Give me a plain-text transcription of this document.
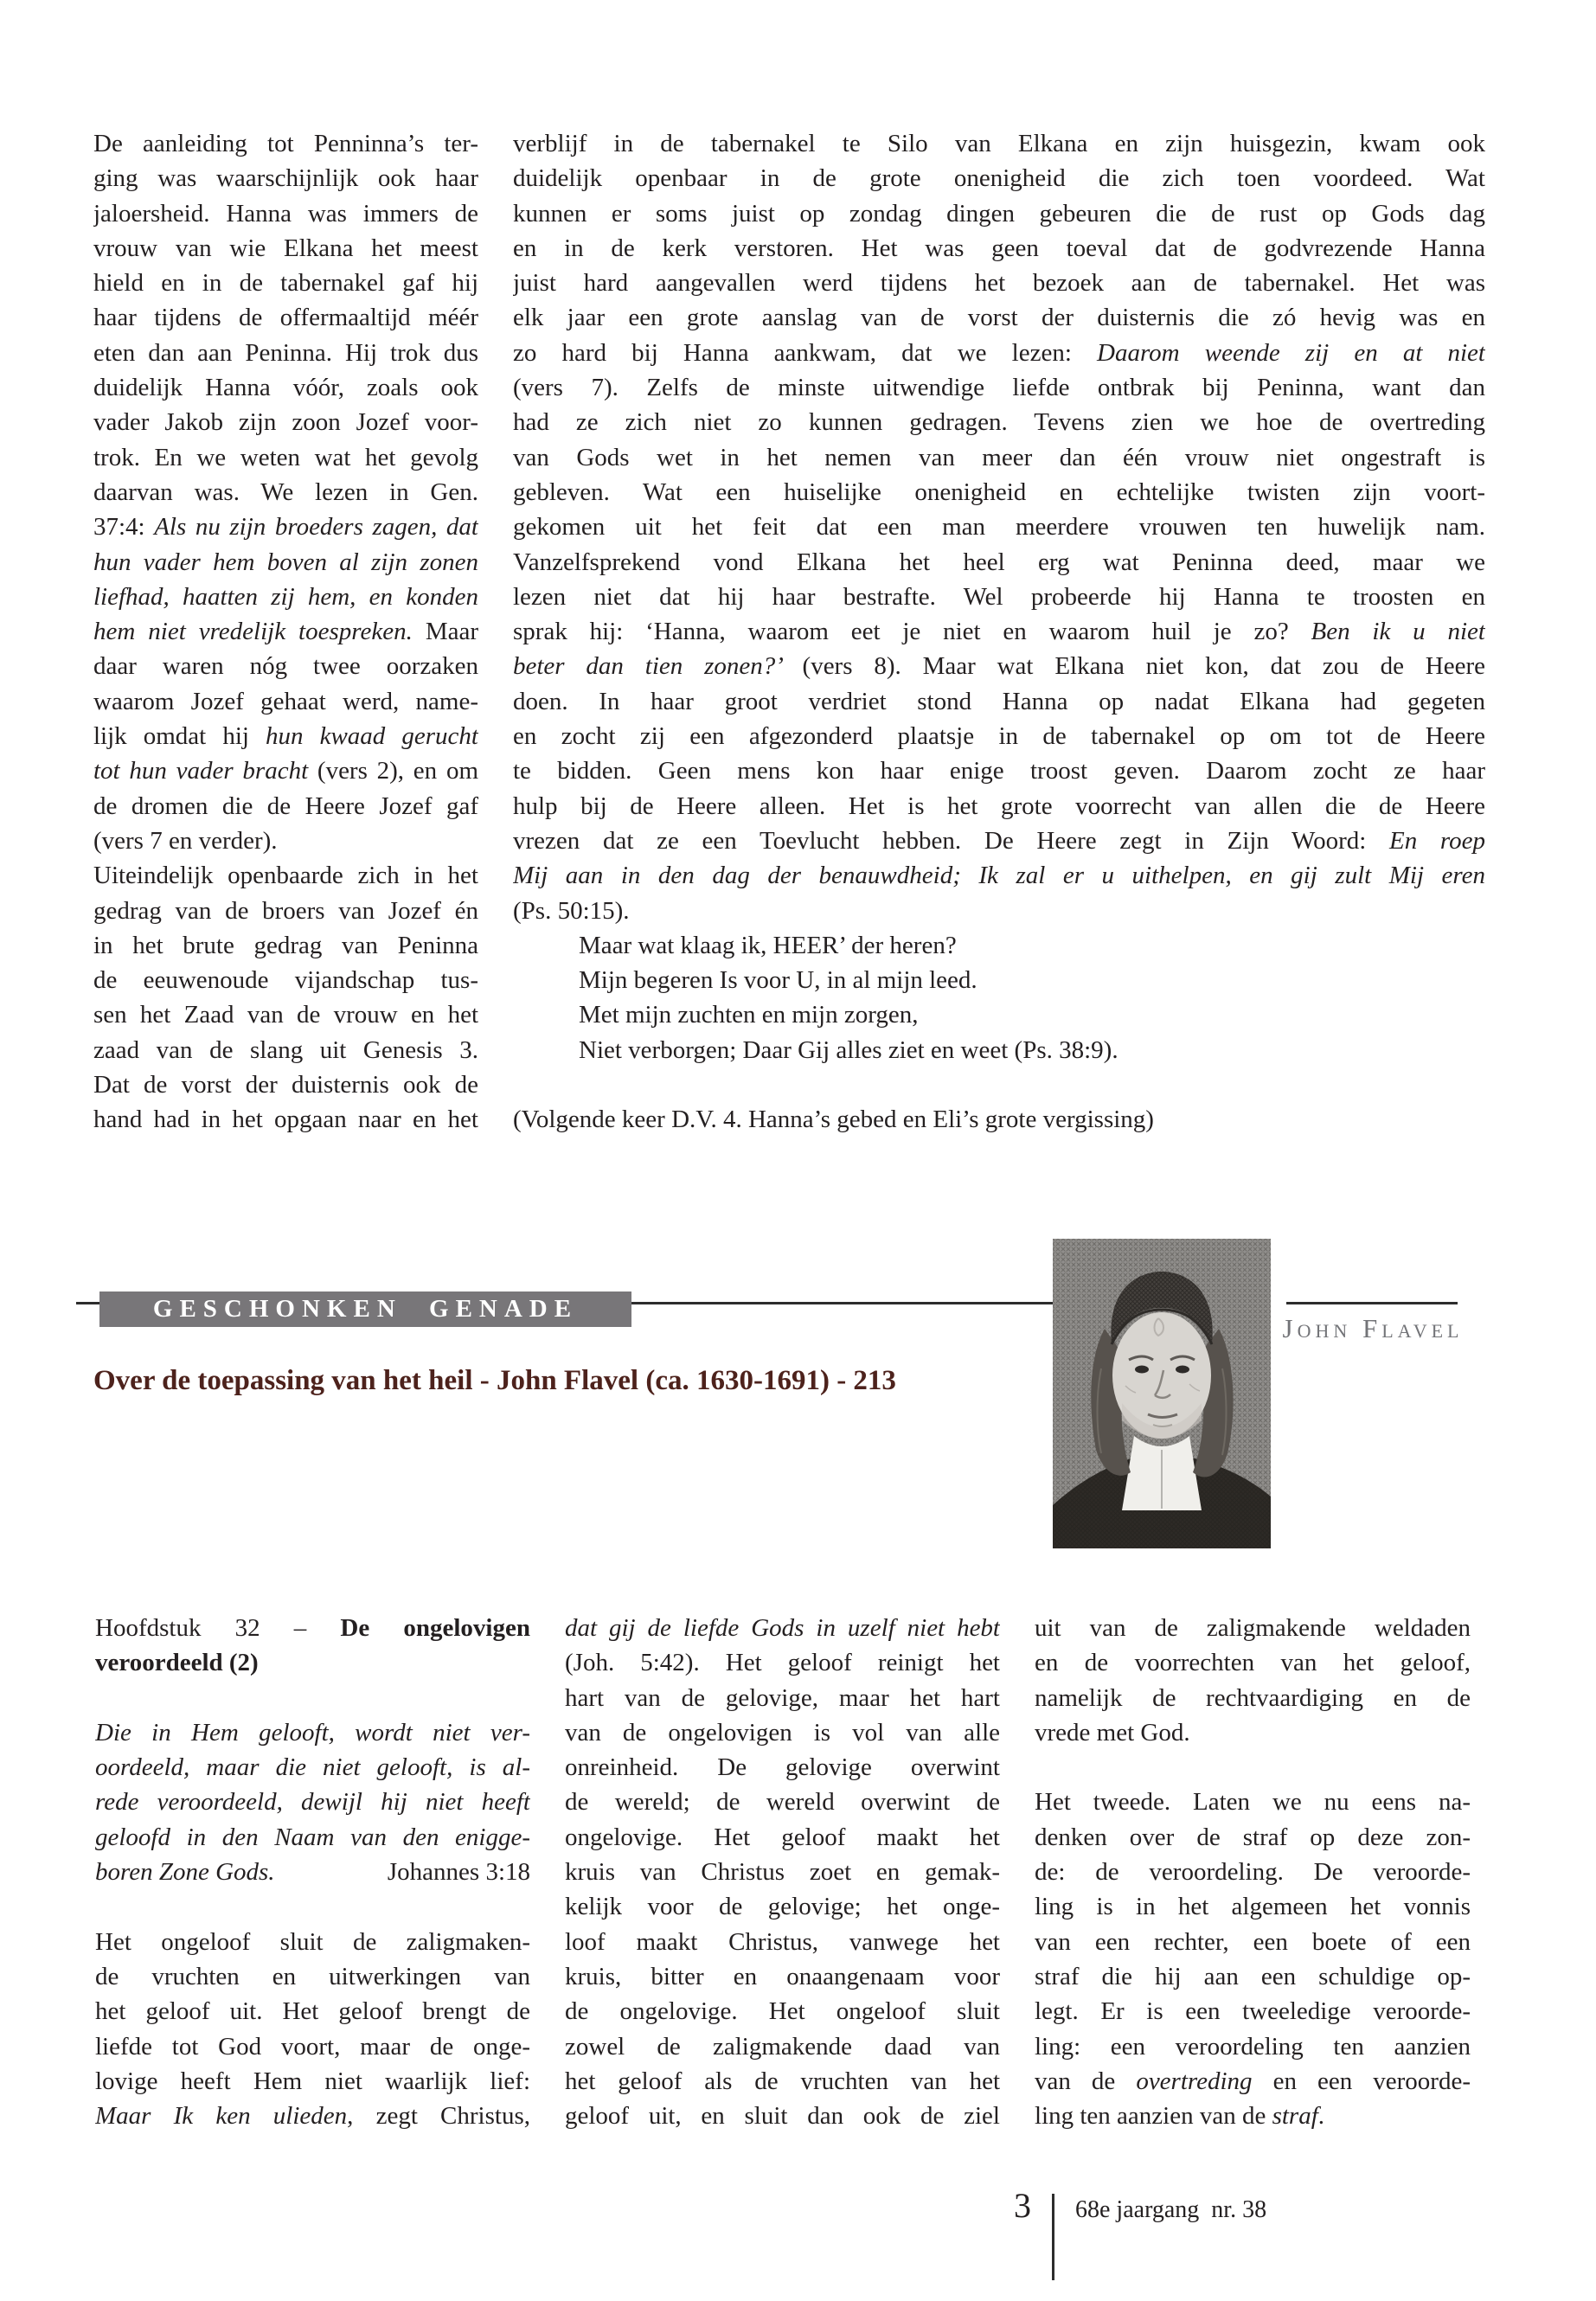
De aanleiding tot Penninna’s ter-
ging was waarschijnlijk ook haar
jaloersheid. Hanna was immers de
vrouw van wie Elkana het meest
hield en in de tabernakel gaf hij
haar tijdens de offermaaltijd méér
eten dan aan Peninna. Hij trok dus
duidelijk Hanna vóór, zoals ook
vader Jakob zijn zoon Jozef voor-
trok. En we weten wat het gevolg
daarvan was. We lezen in Gen.
37:4: Als nu zijn broeders zagen, dat
hun vader hem boven al zijn zonen
liefhad, haatten zij hem, en konden
hem niet vredelijk toespreken. Maar
daar waren nóg twee oorzaken
waarom Jozef gehaat werd, name-
lijk omdat hij hun kwaad gerucht
tot hun vader bracht (vers 2), en om
de dromen die de Heere Jozef gaf
(vers 7 en verder).
Uiteindelijk openbaarde zich in het
gedrag van de broers van Jozef én
in het brute gedrag van Peninna
de eeuwenoude vijandschap tus-
sen het Zaad van de vrouw en het
zaad van de slang uit Genesis 3.
Dat de vorst der duisternis ook de
hand had in het opgaan naar en het
verblijf in de tabernakel te Silo van Elkana en zijn huisgezin, kwam ook
duidelijk openbaar in de grote onenigheid die zich toen voordeed. Wat
kunnen er soms juist op zondag dingen gebeuren die de rust op Gods dag
en in de kerk verstoren. Het was geen toeval dat de godvrezende Hanna
juist hard aangevallen werd tijdens het bezoek aan de tabernakel. Het was
elk jaar een grote aanslag van de vorst der duisternis die zó hevig was en
zo hard bij Hanna aankwam, dat we lezen: Daarom weende zij en at niet
(vers 7). Zelfs de minste uitwendige liefde ontbrak bij Peninna, want dan
had ze zich niet zo kunnen gedragen. Tevens zien we hoe de overtreding
van Gods wet in het nemen van meer dan één vrouw niet ongestraft is
gebleven. Wat een huiselijke onenigheid en echtelijke twisten zijn voort-
gekomen uit het feit dat een man meerdere vrouwen ten huwelijk nam.
Vanzelfsprekend vond Elkana het heel erg wat Peninna deed, maar we
lezen niet dat hij haar bestrafte. Wel probeerde hij Hanna te troosten en
sprak hij: ‘Hanna, waarom eet je niet en waarom huil je zo? Ben ik u niet
beter dan tien zonen?’ (vers 8). Maar wat Elkana niet kon, dat zou de Heere
doen. In haar groot verdriet stond Hanna op nadat Elkana had gegeten
en zocht zij een afgezonderd plaatsje in de tabernakel op om tot de Heere
te bidden. Geen mens kon haar enige troost geven. Daarom zocht ze haar
hulp bij de Heere alleen. Het is het grote voorrecht van allen die de Heere
vrezen dat ze een Toevlucht hebben. De Heere zegt in Zijn Woord: En roep
Mij aan in den dag der benauwdheid; Ik zal er u uithelpen, en gij zult Mij eren
(Ps. 50:15).
Maar wat klaag ik, HEER’ der heren?
Mijn begeren Is voor U, in al mijn leed.
Met mijn zuchten en mijn zorgen,
Niet verborgen; Daar Gij alles ziet en weet (Ps. 38:9).
(Volgende keer D.V. 4. Hanna’s gebed en Eli’s grote vergissing)
GESCHONKEN GENADE
Over de toepassing van het heil - John Flavel (ca. 1630-1691) - 213
John Flavel
Hoofdstuk 32 – De ongelovigen
veroordeeld (2)
Die in Hem gelooft, wordt niet ver-
oordeeld, maar die niet gelooft, is al-
rede veroordeeld, dewijl hij niet heeft
geloofd in den Naam van den enigge-
boren Zone Gods.	Johannes 3:18
Het ongeloof sluit de zaligmaken-
de vruchten en uitwerkingen van
het geloof uit. Het geloof brengt de
liefde tot God voort, maar de onge-
lovige heeft Hem niet waarlijk lief:
Maar Ik ken ulieden, zegt Christus,
dat gij de liefde Gods in uzelf niet hebt
(Joh. 5:42). Het geloof reinigt het
hart van de gelovige, maar het hart
van de ongelovigen is vol van alle
onreinheid. De gelovige overwint
de wereld; de wereld overwint de
ongelovige. Het geloof maakt het
kruis van Christus zoet en gemak-
kelijk voor de gelovige; het onge-
loof maakt Christus, vanwege het
kruis, bitter en onaangenaam voor
de ongelovige. Het ongeloof sluit
zowel de zaligmakende daad van
het geloof als de vruchten van het
geloof uit, en sluit dan ook de ziel
uit van de zaligmakende weldaden
en de voorrechten van het geloof,
namelijk de rechtvaardiging en de
vrede met God.
Het tweede. Laten we nu eens na-
denken over de straf op deze zon-
de: de veroordeling. De veroorde-
ling is in het algemeen het vonnis
van een rechter, een boete of een
straf die hij aan een schuldige op-
legt. Er is een tweeledige veroorde-
ling: een veroordeling ten aanzien
van de overtreding en een veroorde-
ling ten aanzien van de straf.
3	68e jaargang  nr. 38
